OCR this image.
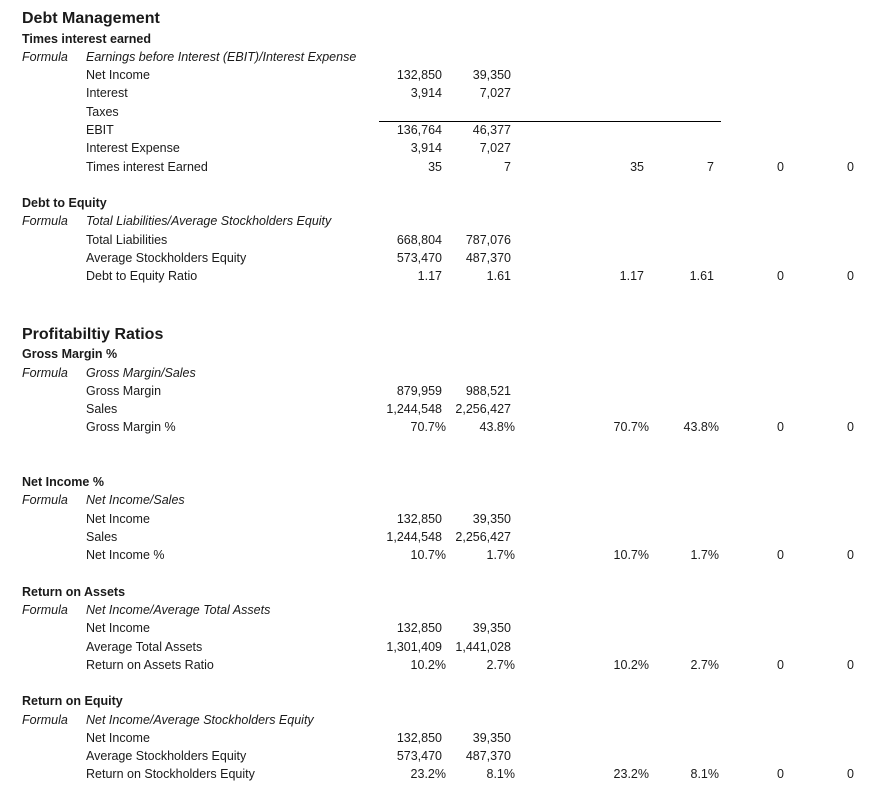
Debt Management
Times interest earned
Formula Earnings before Interest (EBIT)/Interest Expense
Net Income	132,850	39,350
Interest	3,914	7,027
Taxes
EBIT	136,764	46,377
Interest Expense	3,914	7,027
Times interest Earned	35	7	35	7	0	0
Debt to Equity
Formula Total Liabilities/Average Stockholders Equity
Total Liabilities	668,804	787,076
Average Stockholders Equity	573,470	487,370
Debt to Equity Ratio	1.17	1.61	1.17	1.61	0	0
Profitabiltiy Ratios
Gross Margin %
Formula Gross Margin/Sales
Gross Margin	879,959	988,521
Sales	1,244,548	2,256,427
Gross Margin %	70.7%	43.8%	70.7%	43.8%	0	0
Net Income %
Formula Net Income/Sales
Net Income	132,850	39,350
Sales	1,244,548	2,256,427
Net Income %	10.7%	1.7%	10.7%	1.7%	0	0
Return on Assets
Formula Net Income/Average Total Assets
Net Income	132,850	39,350
Average Total Assets	1,301,409	1,441,028
Return on Assets Ratio	10.2%	2.7%	10.2%	2.7%	0	0
Return on Equity
Formula Net Income/Average Stockholders Equity
Net Income	132,850	39,350
Average Stockholders Equity	573,470	487,370
Return on Stockholders Equity	23.2%	8.1%	23.2%	8.1%	0	0
